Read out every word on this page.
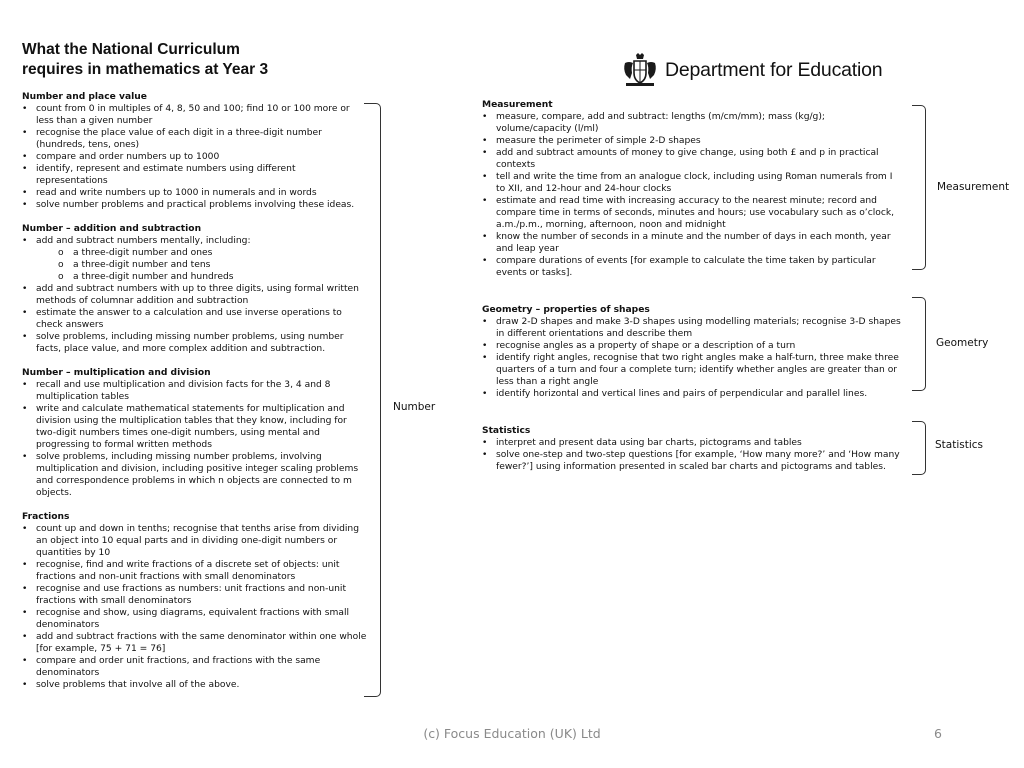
What the National Curriculum
requires in mathematics at Year 3	Department for Education
Number and place value
• count from 0 in multiples of 4, 8, 50 and 100; find 10 or 100 more or less than a given number
• recognise the place value of each digit in a three-digit number (hundreds, tens, ones)
• compare and order numbers up to 1000
• identify, represent and estimate numbers using different representations
• read and write numbers up to 1000 in numerals and in words
• solve number problems and practical problems involving these ideas.
Number – addition and subtraction
• add and subtract numbers mentally, including:
o a three-digit number and ones
o a three-digit number and tens
o a three-digit number and hundreds
• add and subtract numbers with up to three digits, using formal written methods of columnar addition and subtraction
• estimate the answer to a calculation and use inverse operations to check answers
• solve problems, including missing number problems, using number facts, place value, and more complex addition and subtraction.
Number – multiplication and division
• recall and use multiplication and division facts for the 3, 4 and 8 multiplication tables
• write and calculate mathematical statements for multiplication and division using the multiplication tables that they know, including for two-digit numbers times one-digit numbers, using mental and progressing to formal written methods
• solve problems, including missing number problems, involving multiplication and division, including positive integer scaling problems and correspondence problems in which n objects are connected to m objects.
Fractions
• count up and down in tenths; recognise that tenths arise from dividing an object into 10 equal parts and in dividing one-digit numbers or quantities by 10
• recognise, find and write fractions of a discrete set of objects: unit fractions and non-unit fractions with small denominators
• recognise and use fractions as numbers: unit fractions and non-unit fractions with small denominators
• recognise and show, using diagrams, equivalent fractions with small denominators
• add and subtract fractions with the same denominator within one whole [for example, 75 + 71 = 76]
• compare and order unit fractions, and fractions with the same denominators
• solve problems that involve all of the above.
Measurement
• measure, compare, add and subtract: lengths (m/cm/mm); mass (kg/g); volume/capacity (l/ml)
• measure the perimeter of simple 2-D shapes
• add and subtract amounts of money to give change, using both £ and p in practical contexts
• tell and write the time from an analogue clock, including using Roman numerals from I to XII, and 12-hour and 24-hour clocks
• estimate and read time with increasing accuracy to the nearest minute; record and compare time in terms of seconds, minutes and hours; use vocabulary such as o’clock, a.m./p.m., morning, afternoon, noon and midnight
• know the number of seconds in a minute and the number of days in each month, year and leap year
• compare durations of events [for example to calculate the time taken by particular events or tasks].
Geometry – properties of shapes
• draw 2-D shapes and make 3-D shapes using modelling materials; recognise 3-D shapes in different orientations and describe them
• recognise angles as a property of shape or a description of a turn
• identify right angles, recognise that two right angles make a half-turn, three make three quarters of a turn and four a complete turn; identify whether angles are greater than or less than a right angle
• identify horizontal and vertical lines and pairs of perpendicular and parallel lines.
Statistics
• interpret and present data using bar charts, pictograms and tables
• solve one-step and two-step questions [for example, ‘How many more?’ and ‘How many fewer?’] using information presented in scaled bar charts and pictograms and tables.
Number
Measurement
Geometry
Statistics
(c) Focus Education (UK) Ltd	6
